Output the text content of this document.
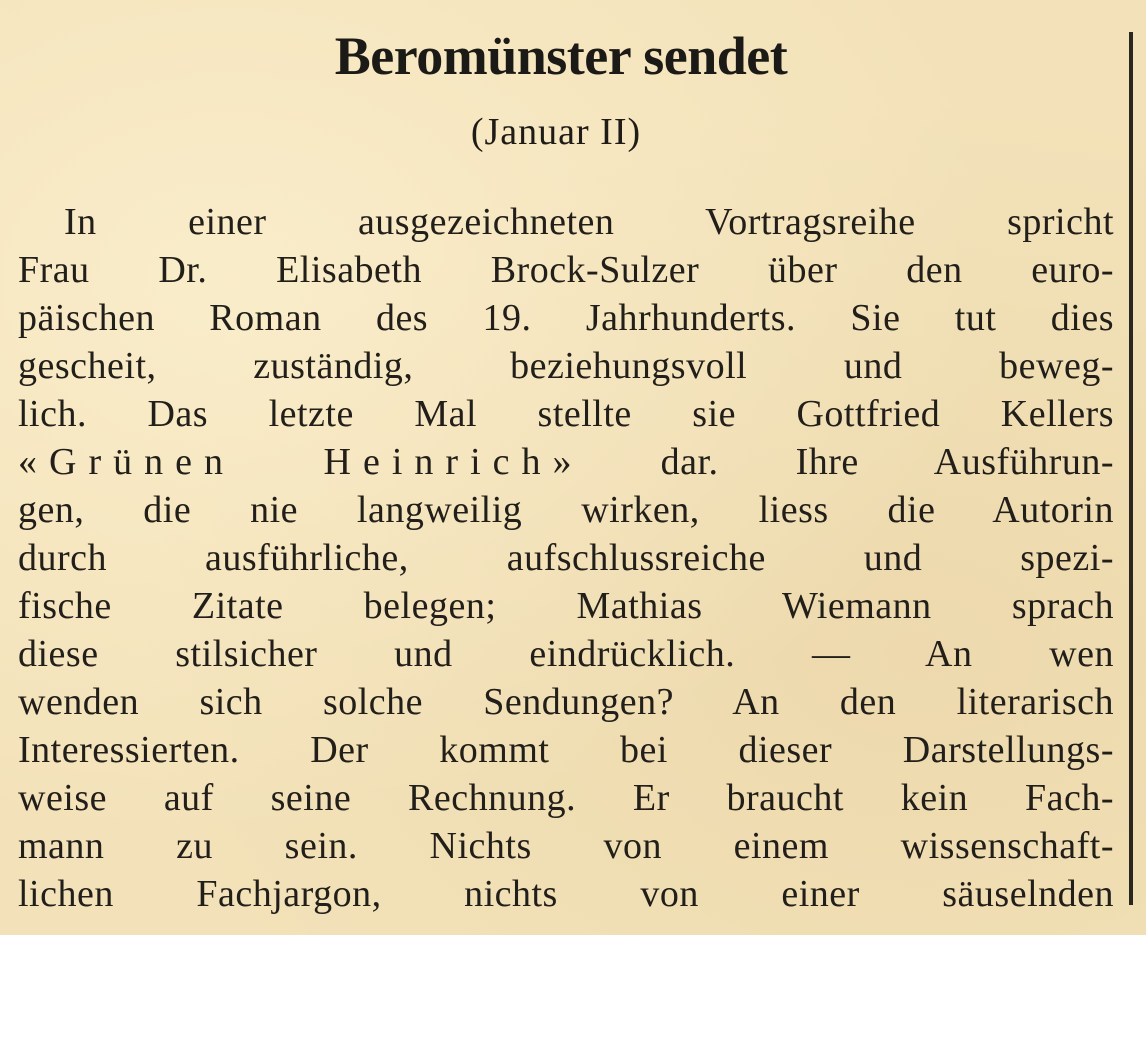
Beromünster sendet
(Januar II)
In einer ausgezeichneten Vortragsreihe spricht
Frau Dr. Elisabeth Brock-Sulzer über den euro-
päischen Roman des 19. Jahrhunderts. Sie tut dies
gescheit, zuständig, beziehungsvoll und beweg-
lich. Das letzte Mal stellte sie Gottfried Kellers
«Grünen Heinrich» dar. Ihre Ausführun-
gen, die nie langweilig wirken, liess die Autorin
durch ausführliche, aufschlussreiche und spezi-
fische Zitate belegen; Mathias Wiemann sprach
diese stilsicher und eindrücklich. — An wen
wenden sich solche Sendungen? An den literarisch
Interessierten. Der kommt bei dieser Darstellungs-
weise auf seine Rechnung. Er braucht kein Fach-
mann zu sein. Nichts von einem wissenschaft-
lichen Fachjargon, nichts von einer säuselnden
